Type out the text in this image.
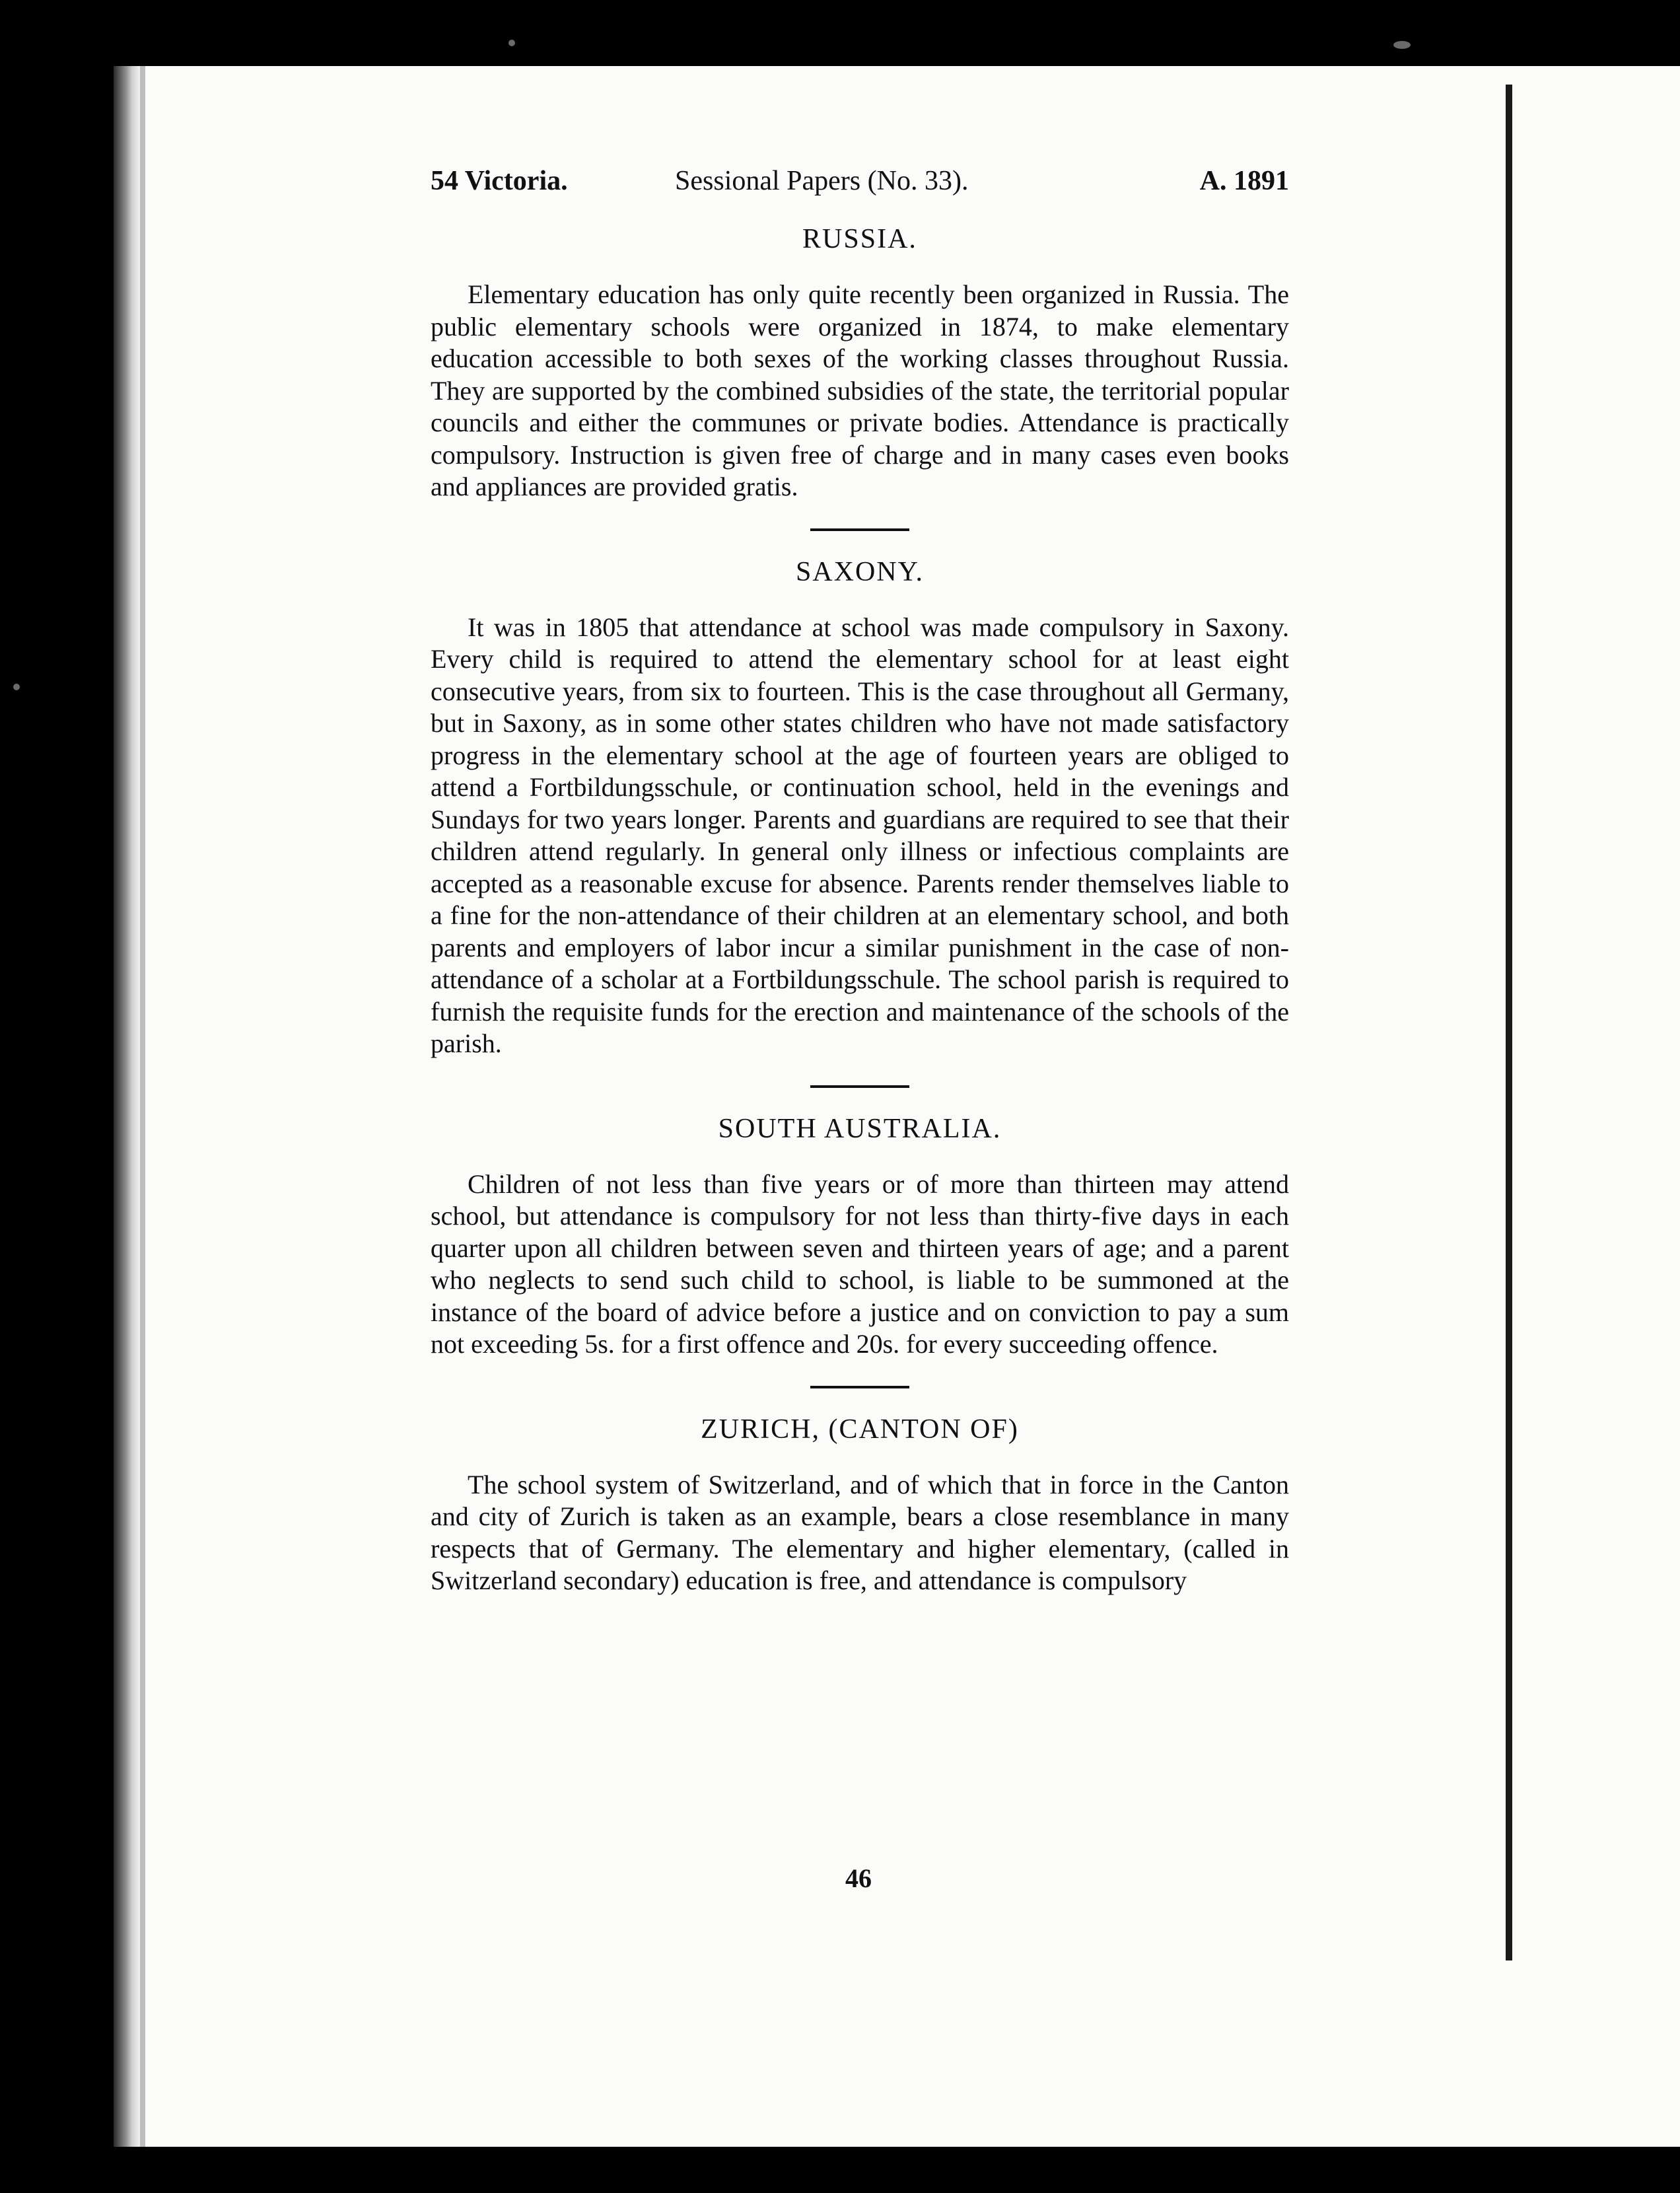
54 Victoria.	Sessional Papers (No. 33).	A. 1891
RUSSIA.

Elementary education has only quite recently been organized in Russia. The public elementary schools were organized in 1874, to make elementary education accessible to both sexes of the working classes throughout Russia. They are supported by the combined subsidies of the state, the territorial popular councils and either the communes or private bodies. Attendance is practically compulsory. Instruction is given free of charge and in many cases even books and appliances are provided gratis.

SAXONY.

It was in 1805 that attendance at school was made compulsory in Saxony. Every child is required to attend the elementary school for at least eight consecutive years, from six to fourteen. This is the case throughout all Germany, but in Saxony, as in some other states children who have not made satisfactory progress in the elementary school at the age of fourteen years are obliged to attend a Fortbildungsschule, or continuation school, held in the evenings and Sundays for two years longer. Parents and guardians are required to see that their children attend regularly. In general only illness or infectious complaints are accepted as a reasonable excuse for absence. Parents render themselves liable to a fine for the non-attendance of their children at an elementary school, and both parents and employers of labor incur a similar punishment in the case of non-attendance of a scholar at a Fortbildungsschule. The school parish is required to furnish the requisite funds for the erection and maintenance of the schools of the parish.

SOUTH AUSTRALIA.

Children of not less than five years or of more than thirteen may attend school, but attendance is compulsory for not less than thirty-five days in each quarter upon all children between seven and thirteen years of age; and a parent who neglects to send such child to school, is liable to be summoned at the instance of the board of advice before a justice and on conviction to pay a sum not exceeding 5s. for a first offence and 20s. for every succeeding offence.

ZURICH, (CANTON OF)

The school system of Switzerland, and of which that in force in the Canton and city of Zurich is taken as an example, bears a close resemblance in many respects that of Germany. The elementary and higher elementary, (called in Switzerland secondary) education is free, and attendance is compulsory

46
